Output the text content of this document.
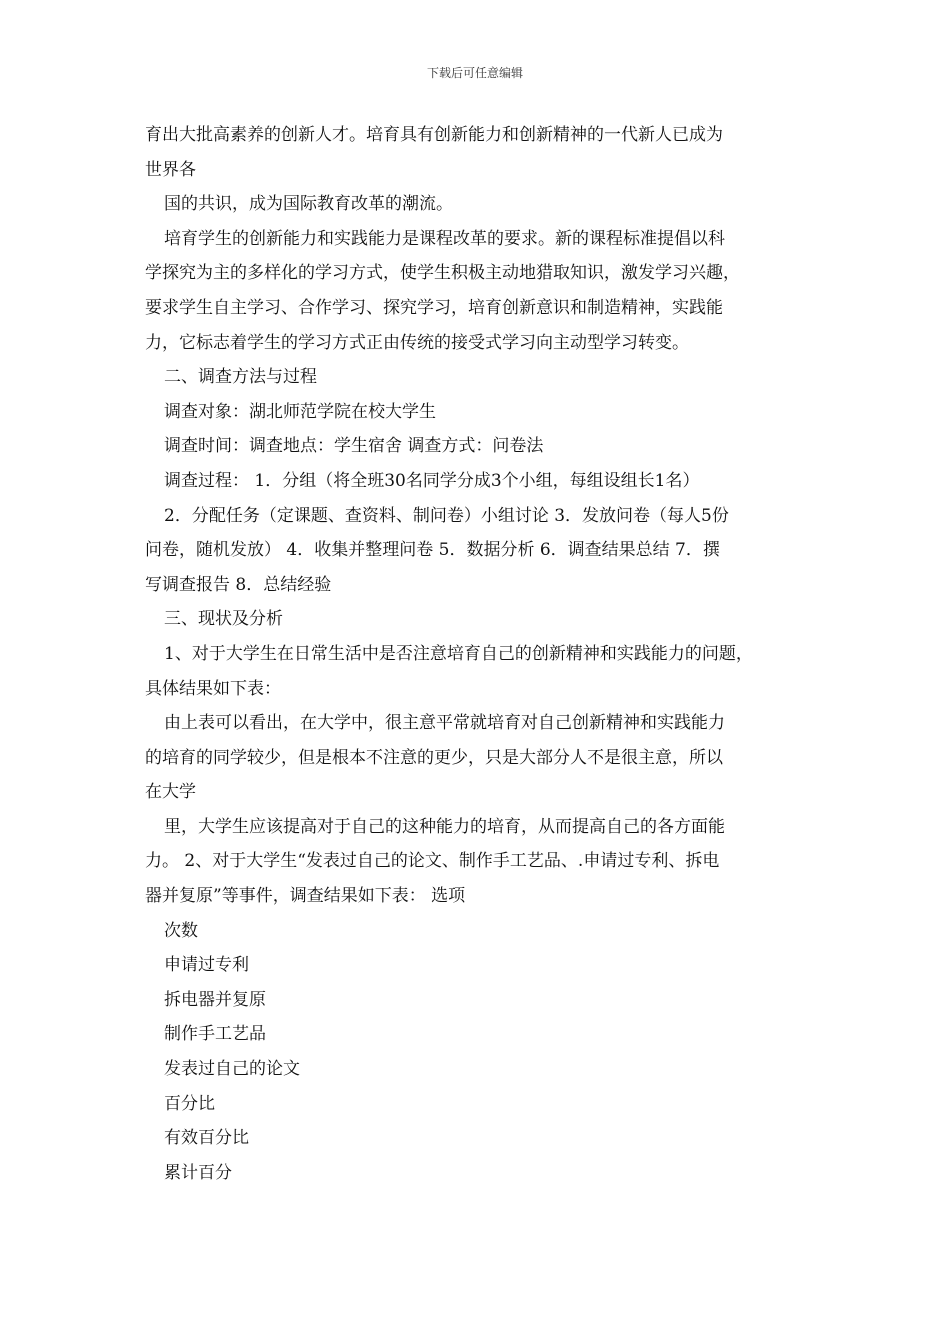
下载后可任意编辑

育出大批高素养的创新人才。培育具有创新能力和创新精神的一代新人已成为

世界各

国的共识，成为国际教育改革的潮流。

培育学生的创新能力和实践能力是课程改革的要求。新的课程标准提倡以科

学探究为主的多样化的学习方式，使学生积极主动地猎取知识，激发学习兴趣，

要求学生自主学习、合作学习、探究学习，培育创新意识和制造精神，实践能

力，它标志着学生的学习方式正由传统的接受式学习向主动型学习转变。

二、调查方法与过程

调查对象：湖北师范学院在校大学生

调查时间：调查地点：学生宿舍 调查方式：问卷法

调查过程： 1．分组（将全班30名同学分成3个小组，每组设组长1名）

2．分配任务（定课题、查资料、制问卷）小组讨论 3．发放问卷（每人5份

问卷，随机发放） 4．收集并整理问卷 5．数据分析 6．调查结果总结 7．撰

写调查报告 8．总结经验

三、现状及分析

1、对于大学生在日常生活中是否注意培育自己的创新精神和实践能力的问题，

具体结果如下表：

由上表可以看出，在大学中，很主意平常就培育对自己创新精神和实践能力

的培育的同学较少，但是根本不注意的更少，只是大部分人不是很主意，所以

在大学

里，大学生应该提高对于自己的这种能力的培育，从而提高自己的各方面能

力。 2、对于大学生“发表过自己的论文、制作手工艺品、.申请过专利、拆电

器并复原”等事件，调查结果如下表： 选项

次数

申请过专利

拆电器并复原

制作手工艺品

发表过自己的论文

百分比

有效百分比

累计百分
